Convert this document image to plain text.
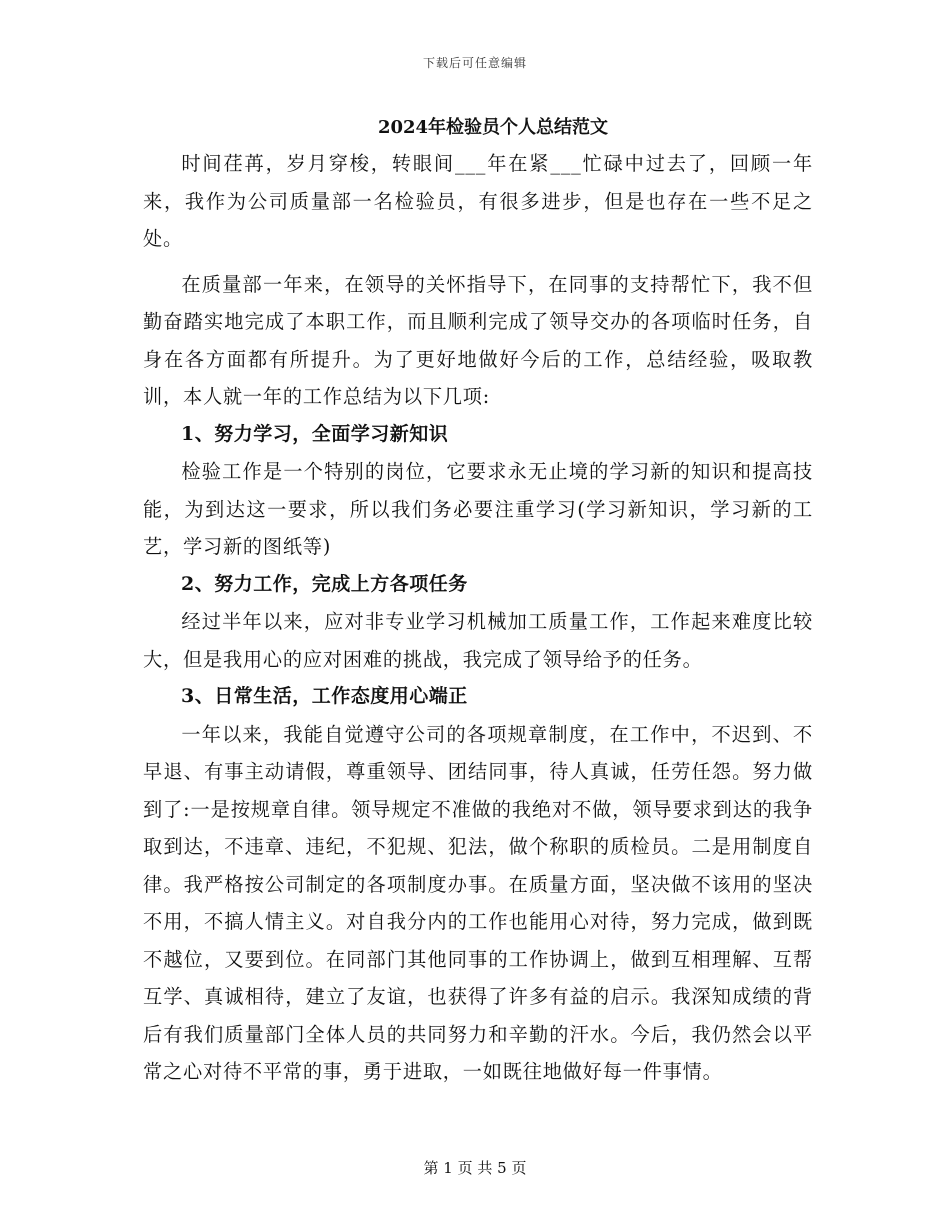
下载后可任意编辑
2024年检验员个人总结范文

时间荏苒，岁月穿梭，转眼间___年在紧___忙碌中过去了，回顾一年来，我作为公司质量部一名检验员，有很多进步，但是也存在一些不足之处。

在质量部一年来，在领导的关怀指导下，在同事的支持帮忙下，我不但勤奋踏实地完成了本职工作，而且顺利完成了领导交办的各项临时任务，自身在各方面都有所提升。为了更好地做好今后的工作，总结经验，吸取教训，本人就一年的工作总结为以下几项:

1、努力学习，全面学习新知识

检验工作是一个特别的岗位，它要求永无止境的学习新的知识和提高技能，为到达这一要求，所以我们务必要注重学习(学习新知识，学习新的工艺，学习新的图纸等)

2、努力工作，完成上方各项任务

经过半年以来，应对非专业学习机械加工质量工作，工作起来难度比较大，但是我用心的应对困难的挑战，我完成了领导给予的任务。

3、日常生活，工作态度用心端正

一年以来，我能自觉遵守公司的各项规章制度，在工作中，不迟到、不早退、有事主动请假，尊重领导、团结同事，待人真诚，任劳任怨。努力做到了:一是按规章自律。领导规定不准做的我绝对不做，领导要求到达的我争取到达，不违章、违纪，不犯规、犯法，做个称职的质检员。二是用制度自律。我严格按公司制定的各项制度办事。在质量方面，坚决做不该用的坚决不用，不搞人情主义。对自我分内的工作也能用心对待，努力完成，做到既不越位，又要到位。在同部门其他同事的工作协调上，做到互相理解、互帮互学、真诚相待，建立了友谊，也获得了许多有益的启示。我深知成绩的背后有我们质量部门全体人员的共同努力和辛勤的汗水。今后，我仍然会以平常之心对待不平常的事，勇于进取，一如既往地做好每一件事情。

第 1 页 共 5 页
